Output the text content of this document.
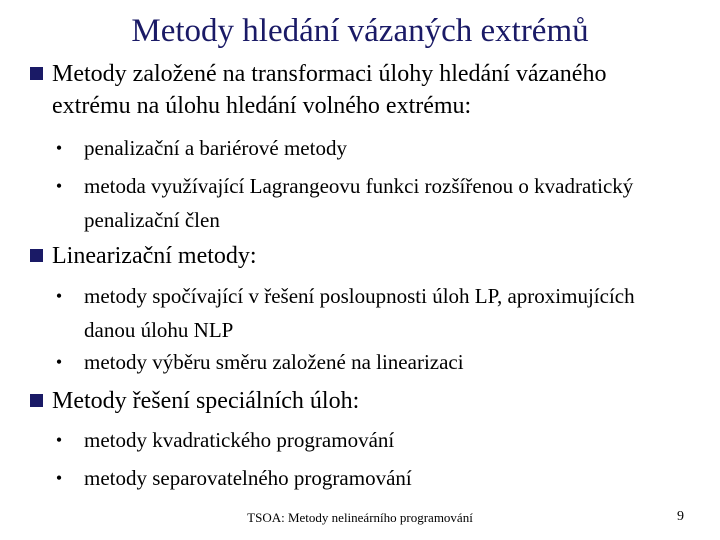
Metody hledání vázaných extrémů
Metody založené na transformaci úlohy hledání vázaného extrému na úlohu hledání volného extrému:
•	penalizační a bariérové metody
•	metoda využívající Lagrangeovu funkci rozšířenou o kvadratický penalizační člen
Linearizační metody:
•	metody spočívající v řešení posloupnosti úloh LP, aproximujících danou úlohu NLP
•	metody výběru směru založené na linearizaci
Metody řešení speciálních úloh:
•	metody kvadratického programování
•	metody separovatelného programování
TSOA: Metody nelineárního programování	9
